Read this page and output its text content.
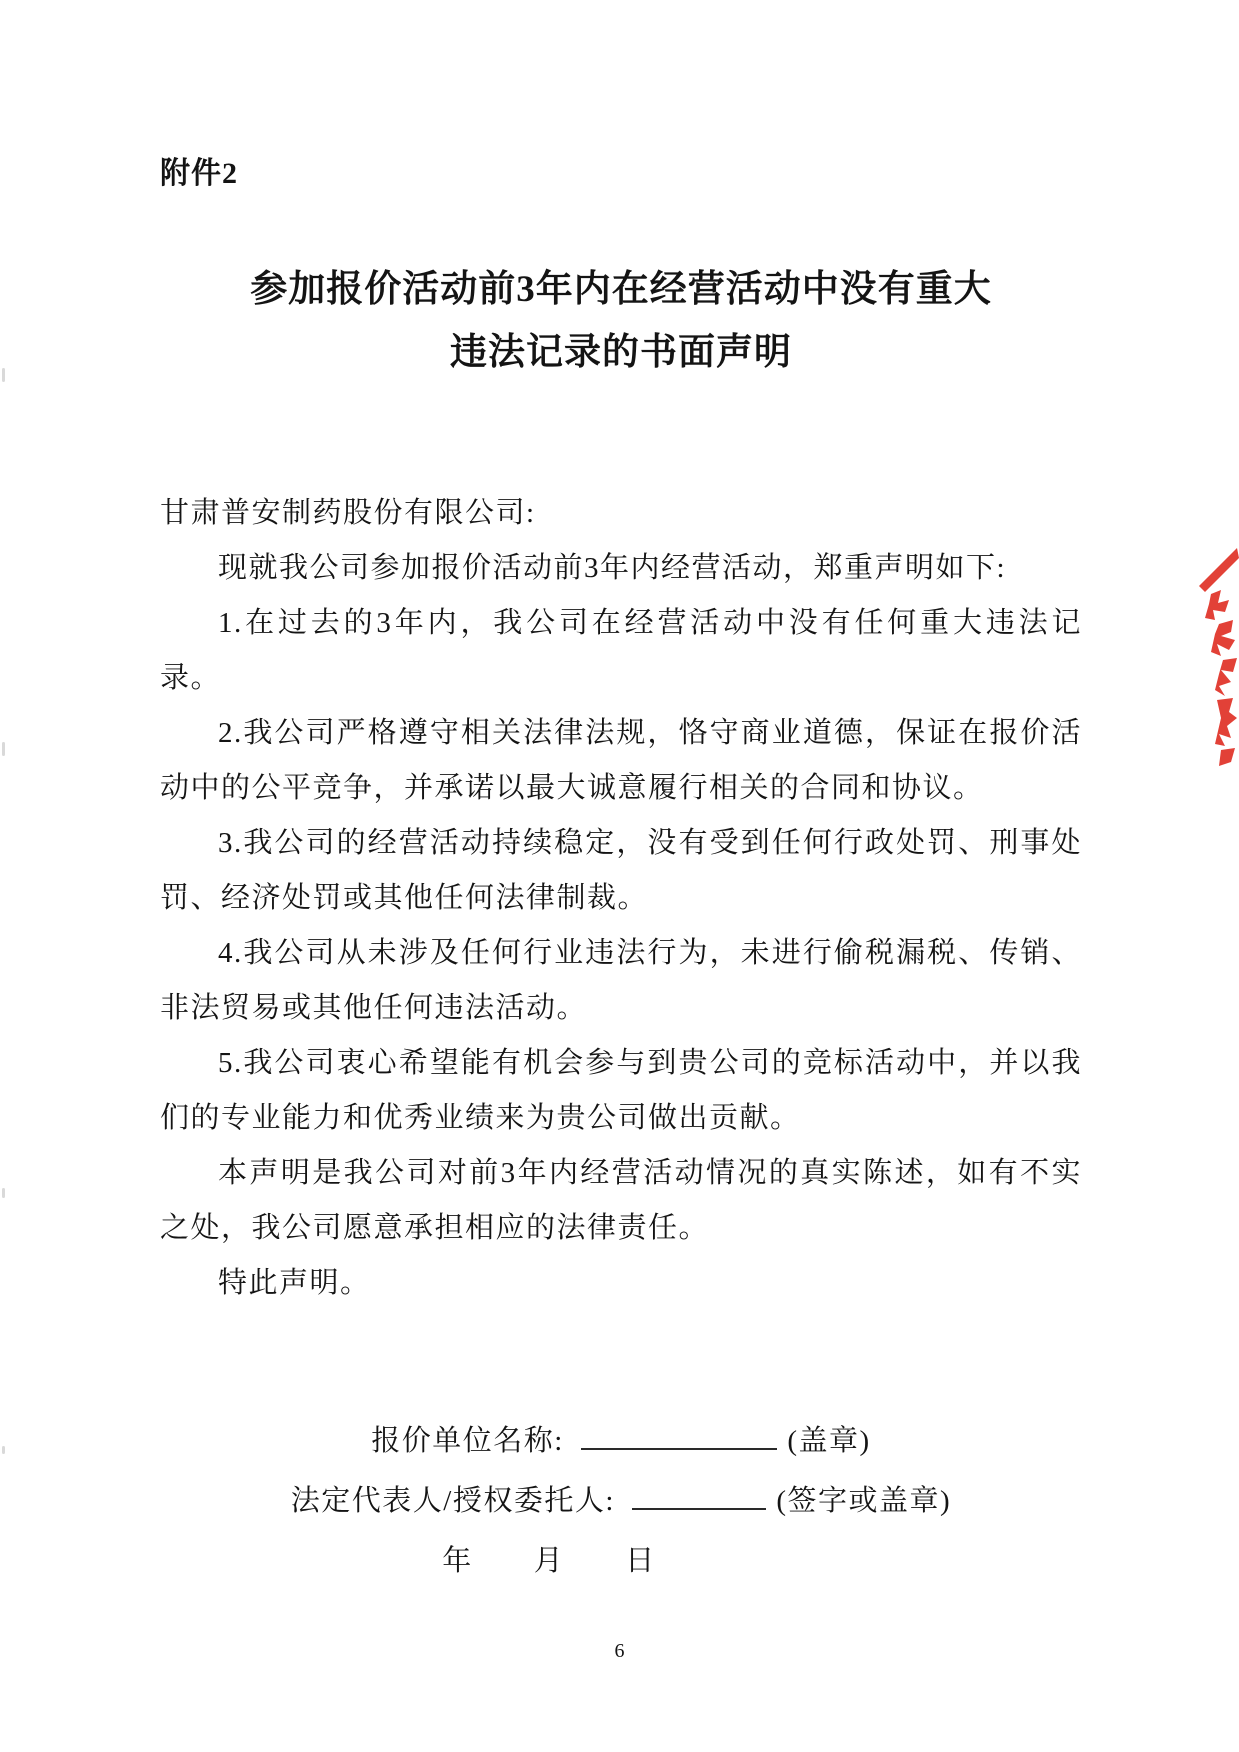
附件2
参加报价活动前3年内在经营活动中没有重大
违法记录的书面声明

甘肃普安制药股份有限公司:

现就我公司参加报价活动前3年内经营活动，郑重声明如下:

1.在过去的3年内，我公司在经营活动中没有任何重大违法记录。

2.我公司严格遵守相关法律法规，恪守商业道德，保证在报价活动中的公平竞争，并承诺以最大诚意履行相关的合同和协议。

3.我公司的经营活动持续稳定，没有受到任何行政处罚、刑事处罚、经济处罚或其他任何法律制裁。

4.我公司从未涉及任何行业违法行为，未进行偷税漏税、传销、非法贸易或其他任何违法活动。

5.我公司衷心希望能有机会参与到贵公司的竞标活动中，并以我们的专业能力和优秀业绩来为贵公司做出贡献。

本声明是我公司对前3年内经营活动情况的真实陈述，如有不实之处，我公司愿意承担相应的法律责任。

特此声明。

报价单位名称:	(盖章)
法定代表人/授权委托人:	(签字或盖章)
年　　月　　日
6
